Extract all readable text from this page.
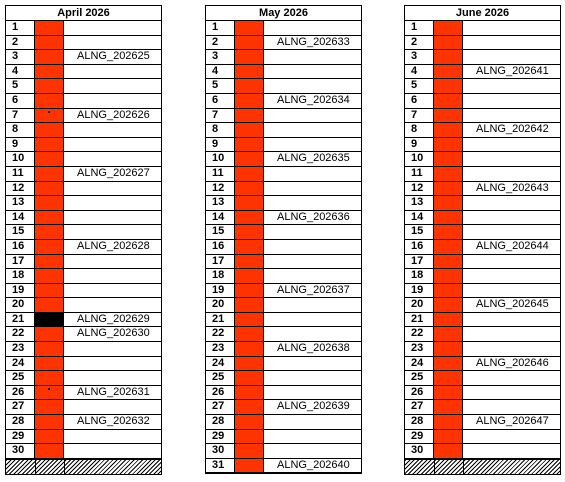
April 2026
1
2
3	ALNG_202625
4
5
6
7	ALNG_202626
8
9
10
11	ALNG_202627
12
13
14
15
16	ALNG_202628
17
18
19
20
21	ALNG_202629
22	ALNG_202630
23
24
25
26	ALNG_202631
27
28	ALNG_202632
29
30
May 2026
1
2	ALNG_202633
3
4
5
6	ALNG_202634
7
8
9
10	ALNG_202635
11
12
13
14	ALNG_202636
15
16
17
18
19	ALNG_202637
20
21
22
23	ALNG_202638
24
25
26
27	ALNG_202639
28
29
30
31	ALNG_202640
June 2026
1
2
3
4	ALNG_202641
5
6
7
8	ALNG_202642
9
10
11
12	ALNG_202643
13
14
15
16	ALNG_202644
17
18
19
20	ALNG_202645
21
22
23
24	ALNG_202646
25
26
27
28	ALNG_202647
29
30
